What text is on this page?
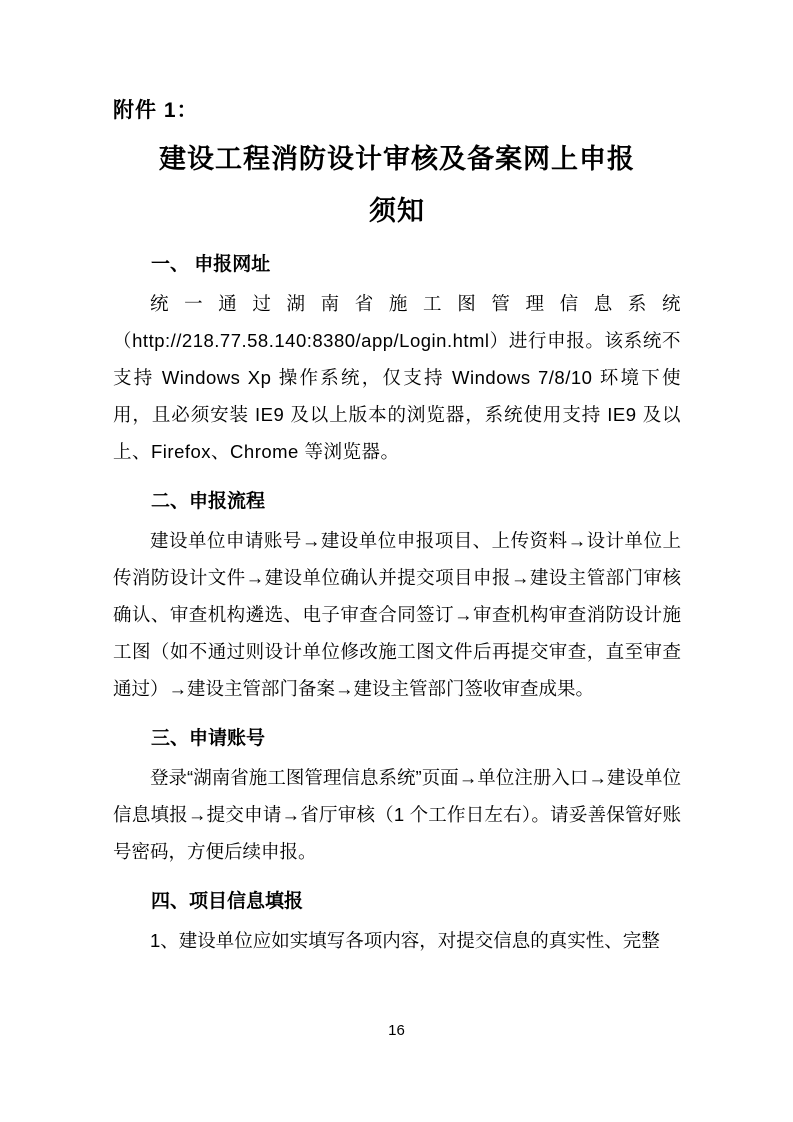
附件 1：
建设工程消防设计审核及备案网上申报
须知
一、 申报网址

统 一 通 过 湖 南 省 施 工 图 管 理 信 息 系 统（http://218.77.58.140:8380/app/Login.html）进行申报。该系统不支持 Windows Xp 操作系统，仅支持 Windows 7/8/10 环境下使用，且必须安装 IE9 及以上版本的浏览器，系统使用支持 IE9 及以上、Firefox、Chrome 等浏览器。

二、申报流程

建设单位申请账号→建设单位申报项目、上传资料→设计单位上传消防设计文件→建设单位确认并提交项目申报→建设主管部门审核确认、审查机构遴选、电子审查合同签订→审查机构审查消防设计施工图（如不通过则设计单位修改施工图文件后再提交审查，直至审查通过）→建设主管部门备案→建设主管部门签收审查成果。

三、申请账号

登录“湖南省施工图管理信息系统”页面→单位注册入口→建设单位信息填报→提交申请→省厅审核（1 个工作日左右）。请妥善保管好账号密码，方便后续申报。

四、项目信息填报

1、建设单位应如实填写各项内容，对提交信息的真实性、完整

16
